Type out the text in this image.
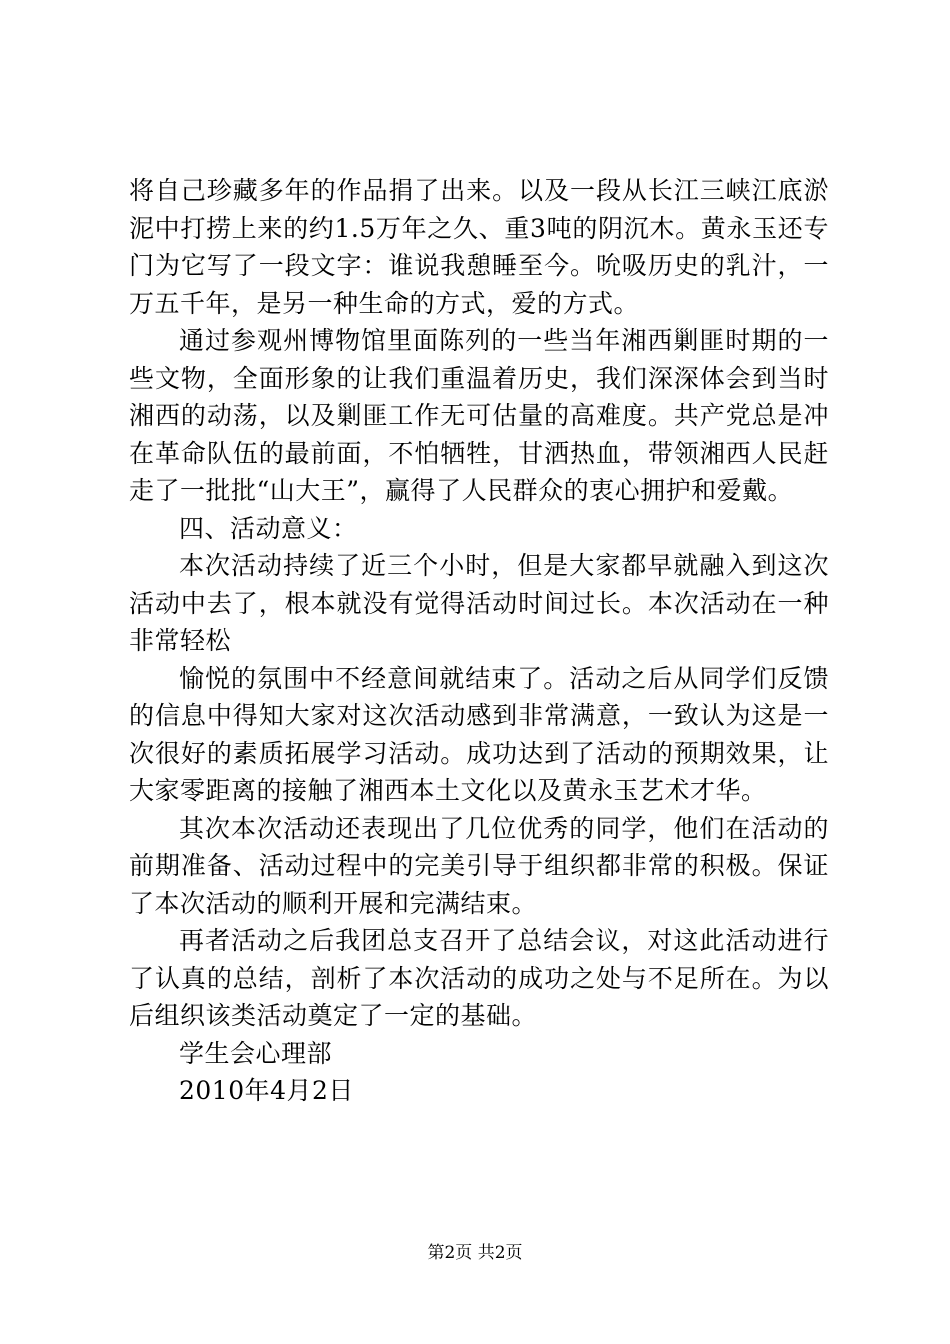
将自己珍藏多年的作品捐了出来。以及一段从长江三峡江底淤泥中打捞上来的约1.5万年之久、重3吨的阴沉木。黄永玉还专门为它写了一段文字：谁说我憩睡至今。吮吸历史的乳汁，一万五千年，是另一种生命的方式，爱的方式。

通过参观州博物馆里面陈列的一些当年湘西剿匪时期的一些文物，全面形象的让我们重温着历史，我们深深体会到当时湘西的动荡，以及剿匪工作无可估量的高难度。共产党总是冲在革命队伍的最前面，不怕牺牲，甘洒热血，带领湘西人民赶走了一批批“山大王”，赢得了人民群众的衷心拥护和爱戴。

四、活动意义：

本次活动持续了近三个小时，但是大家都早就融入到这次活动中去了，根本就没有觉得活动时间过长。本次活动在一种非常轻松

愉悦的氛围中不经意间就结束了。活动之后从同学们反馈的信息中得知大家对这次活动感到非常满意，一致认为这是一次很好的素质拓展学习活动。成功达到了活动的预期效果，让大家零距离的接触了湘西本土文化以及黄永玉艺术才华。

其次本次活动还表现出了几位优秀的同学，他们在活动的前期准备、活动过程中的完美引导于组织都非常的积极。保证了本次活动的顺利开展和完满结束。

再者活动之后我团总支召开了总结会议，对这此活动进行了认真的总结，剖析了本次活动的成功之处与不足所在。为以后组织该类活动奠定了一定的基础。

学生会心理部

2010年4月2日

第2页 共2页
